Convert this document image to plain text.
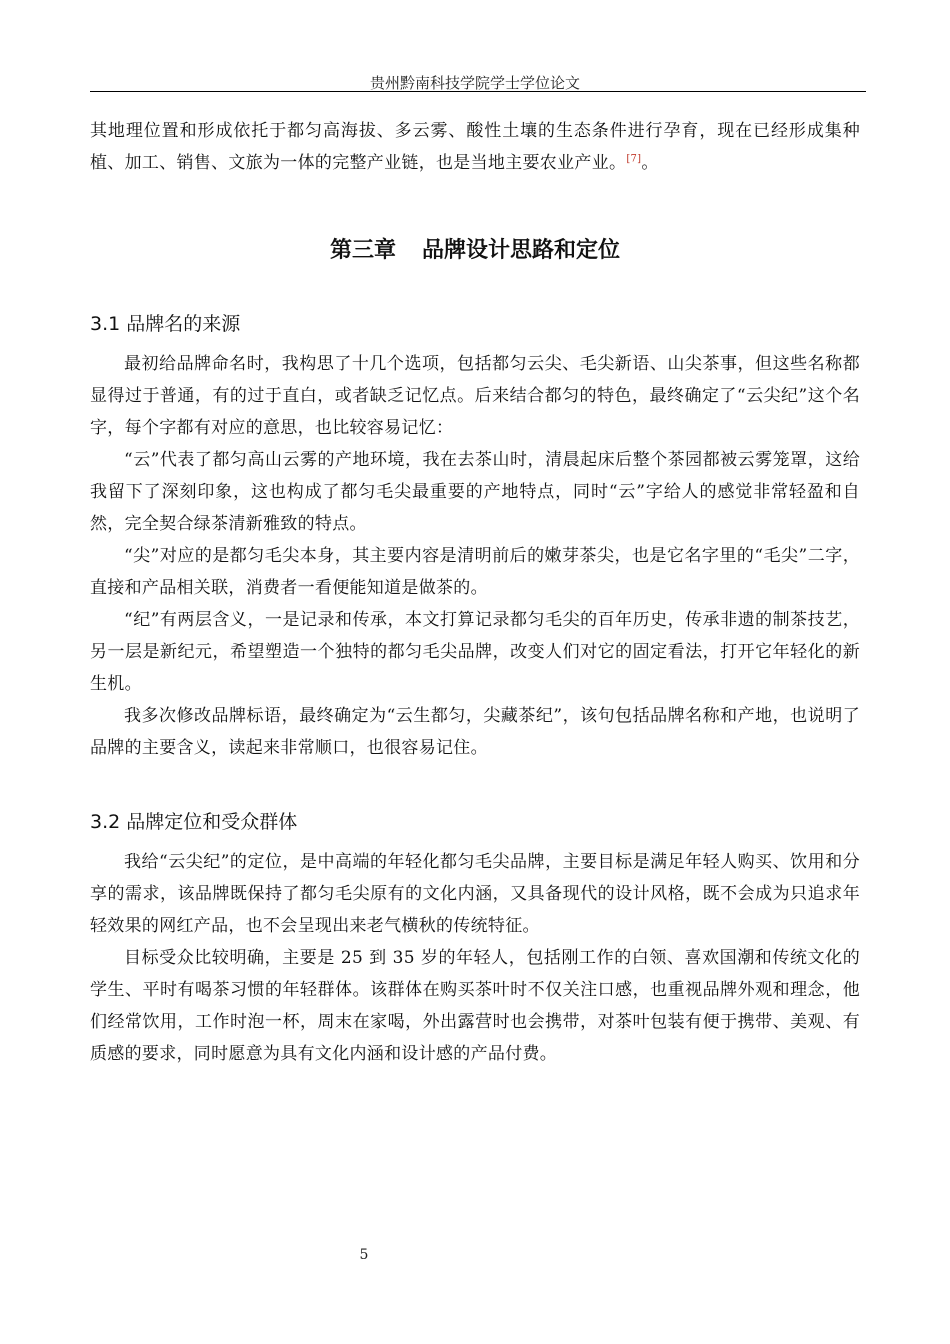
贵州黔南科技学院学士学位论文

其地理位置和形成依托于都匀高海拔、多云雾、酸性土壤的生态条件进行孕育，现在已经形成集种植、加工、销售、文旅为一体的完整产业链，也是当地主要农业产业。[7]。

第三章 品牌设计思路和定位
3.1 品牌名的来源

最初给品牌命名时，我构思了十几个选项，包括都匀云尖、毛尖新语、山尖茶事，但这些名称都显得过于普通，有的过于直白，或者缺乏记忆点。后来结合都匀的特色，最终确定了“云尖纪”这个名字，每个字都有对应的意思，也比较容易记忆：

“云”代表了都匀高山云雾的产地环境，我在去茶山时，清晨起床后整个茶园都被云雾笼罩，这给我留下了深刻印象，这也构成了都匀毛尖最重要的产地特点，同时“云”字给人的感觉非常轻盈和自然，完全契合绿茶清新雅致的特点。

“尖”对应的是都匀毛尖本身，其主要内容是清明前后的嫩芽茶尖，也是它名字里的“毛尖”二字，直接和产品相关联，消费者一看便能知道是做茶的。

“纪”有两层含义，一是记录和传承，本文打算记录都匀毛尖的百年历史，传承非遗的制茶技艺，另一层是新纪元，希望塑造一个独特的都匀毛尖品牌，改变人们对它的固定看法，打开它年轻化的新生机。

我多次修改品牌标语，最终确定为“云生都匀，尖藏茶纪”，该句包括品牌名称和产地，也说明了品牌的主要含义，读起来非常顺口，也很容易记住。

3.2 品牌定位和受众群体

我给“云尖纪”的定位，是中高端的年轻化都匀毛尖品牌，主要目标是满足年轻人购买、饮用和分享的需求，该品牌既保持了都匀毛尖原有的文化内涵，又具备现代的设计风格，既不会成为只追求年轻效果的网红产品，也不会呈现出来老气横秋的传统特征。

目标受众比较明确，主要是 25 到 35 岁的年轻人，包括刚工作的白领、喜欢国潮和传统文化的学生、平时有喝茶习惯的年轻群体。该群体在购买茶叶时不仅关注口感，也重视品牌外观和理念，他们经常饮用，工作时泡一杯，周末在家喝，外出露营时也会携带，对茶叶包装有便于携带、美观、有质感的要求，同时愿意为具有文化内涵和设计感的产品付费。

5
